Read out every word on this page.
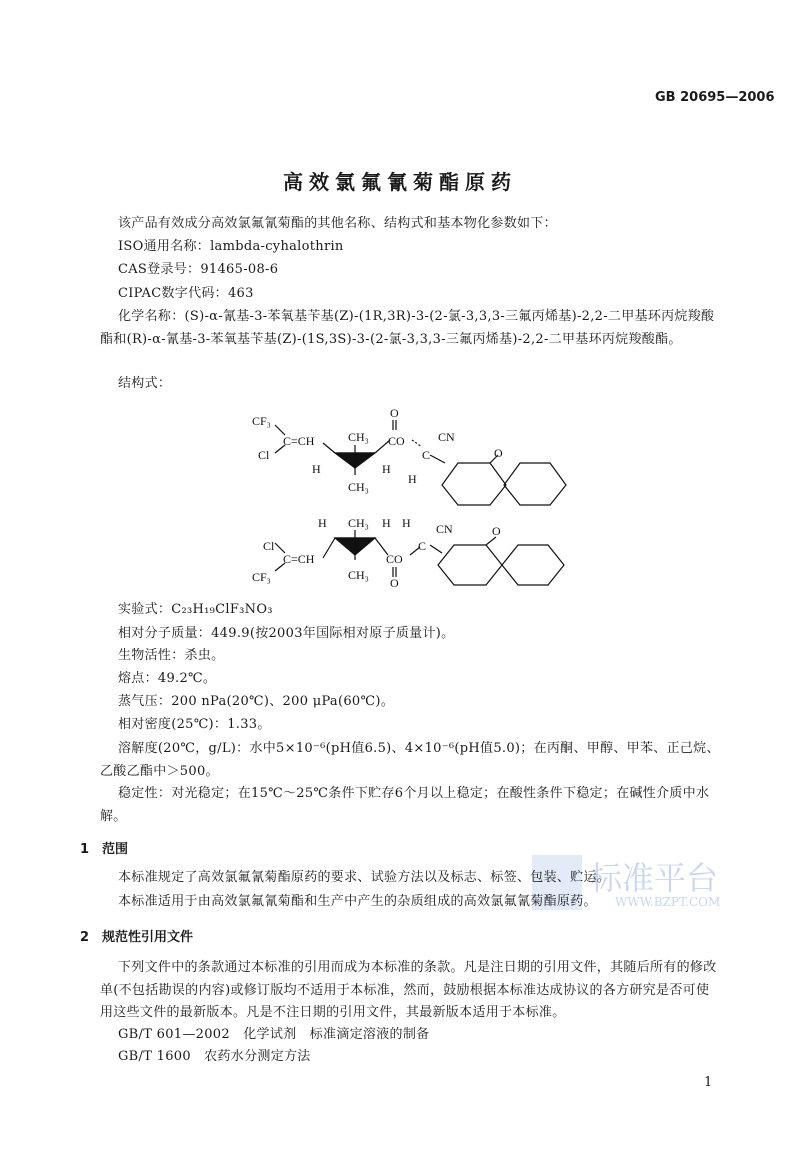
标准平台
WWW.BZPT.COM
GB 20695—2006
高效氯氟氰菊酯原药
该产品有效成分高效氯氟氰菊酯的其他名称、结构式和基本物化参数如下：
ISO通用名称：lambda-cyhalothrin
CAS登录号：91465-08-6
CIPAC数字代码：463
化学名称：(S)-α-氰基-3-苯氧基苄基(Z)-(1R,3R)-3-(2-氯-3,3,3-三氟丙烯基)-2,2-二甲基环丙烷羧酸酯和(R)-α-氰基-3-苯氧基苄基(Z)-(1S,3S)-3-(2-氯-3,3,3-三氟丙烯基)-2,2-二甲基环丙烷羧酸酯。
结构式：
CF₃
C=CH
Cl
CH₃
CH₃
H	H
O
CO	CN
C
H
O
Cl
C=CH
CF₃
H CH₃ H
CH₃
H CN
C
CO
O
O
实验式：C₂₃H₁₉ClF₃NO₃
相对分子质量：449.9(按2003年国际相对原子质量计)。
生物活性：杀虫。
熔点：49.2℃。
蒸气压：200 nPa(20℃)、200 μPa(60℃)。
相对密度(25℃)：1.33。
溶解度(20℃，g/L)：水中5×10⁻⁶(pH值6.5)、4×10⁻⁶(pH值5.0)；在丙酮、甲醇、甲苯、正己烷、乙酸乙酯中＞500。
稳定性：对光稳定；在15℃～25℃条件下贮存6个月以上稳定；在酸性条件下稳定；在碱性介质中水解。
1　范围
本标准规定了高效氯氟氰菊酯原药的要求、试验方法以及标志、标签、包装、贮运。
本标准适用于由高效氯氟氰菊酯和生产中产生的杂质组成的高效氯氟氰菊酯原药。
2　规范性引用文件
下列文件中的条款通过本标准的引用而成为本标准的条款。凡是注日期的引用文件，其随后所有的修改单(不包括勘误的内容)或修订版均不适用于本标准，然而，鼓励根据本标准达成协议的各方研究是否可使用这些文件的最新版本。凡是不注日期的引用文件，其最新版本适用于本标准。
GB/T 601—2002　化学试剂　标准滴定溶液的制备
GB/T 1600　农药水分测定方法
1
